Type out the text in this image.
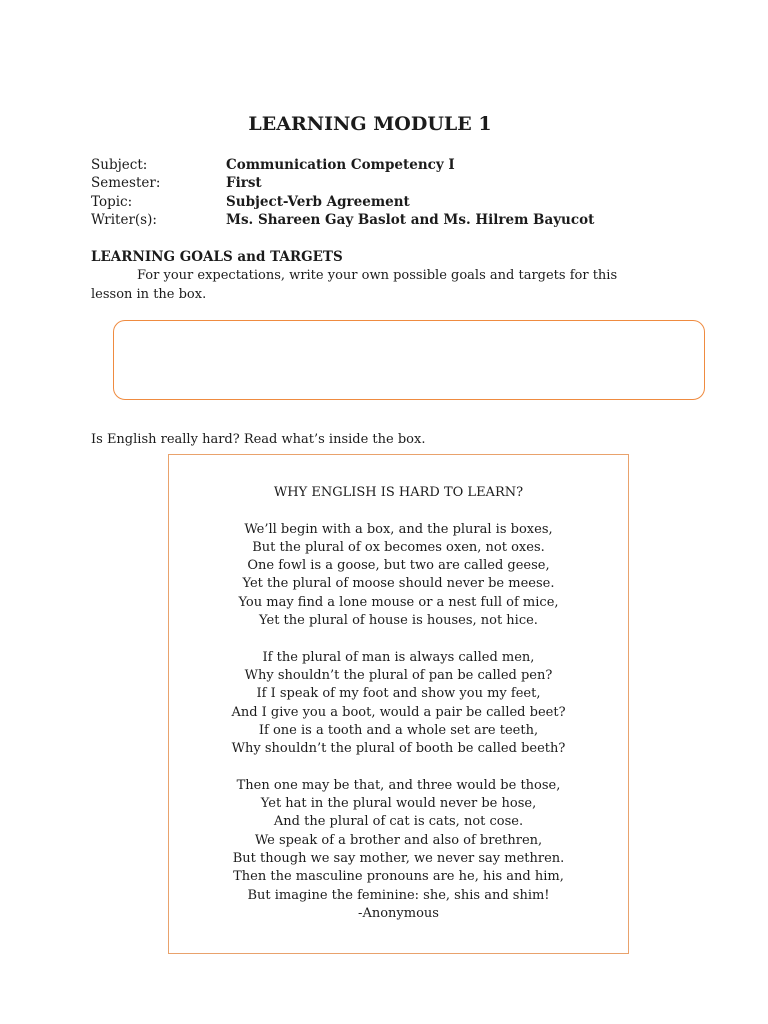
LEARNING MODULE 1
Subject:	Communication Competency I
Semester:	First
Topic:	Subject-Verb Agreement
Writer(s):	Ms. Shareen Gay Baslot and Ms. Hilrem Bayucot
LEARNING GOALS and TARGETS
For your expectations, write your own possible goals and targets for this
lesson in the box.
Is English really hard? Read what’s inside the box.
WHY ENGLISH IS HARD TO LEARN?
We’ll begin with a box, and the plural is boxes,
But the plural of ox becomes oxen, not oxes.
One fowl is a goose, but two are called geese,
Yet the plural of moose should never be meese.
You may find a lone mouse or a nest full of mice,
Yet the plural of house is houses, not hice.
If the plural of man is always called men,
Why shouldn’t the plural of pan be called pen?
If I speak of my foot and show you my feet,
And I give you a boot, would a pair be called beet?
If one is a tooth and a whole set are teeth,
Why shouldn’t the plural of booth be called beeth?
Then one may be that, and three would be those,
Yet hat in the plural would never be hose,
And the plural of cat is cats, not cose.
We speak of a brother and also of brethren,
But though we say mother, we never say methren.
Then the masculine pronouns are he, his and him,
But imagine the feminine: she, shis and shim!
-Anonymous
